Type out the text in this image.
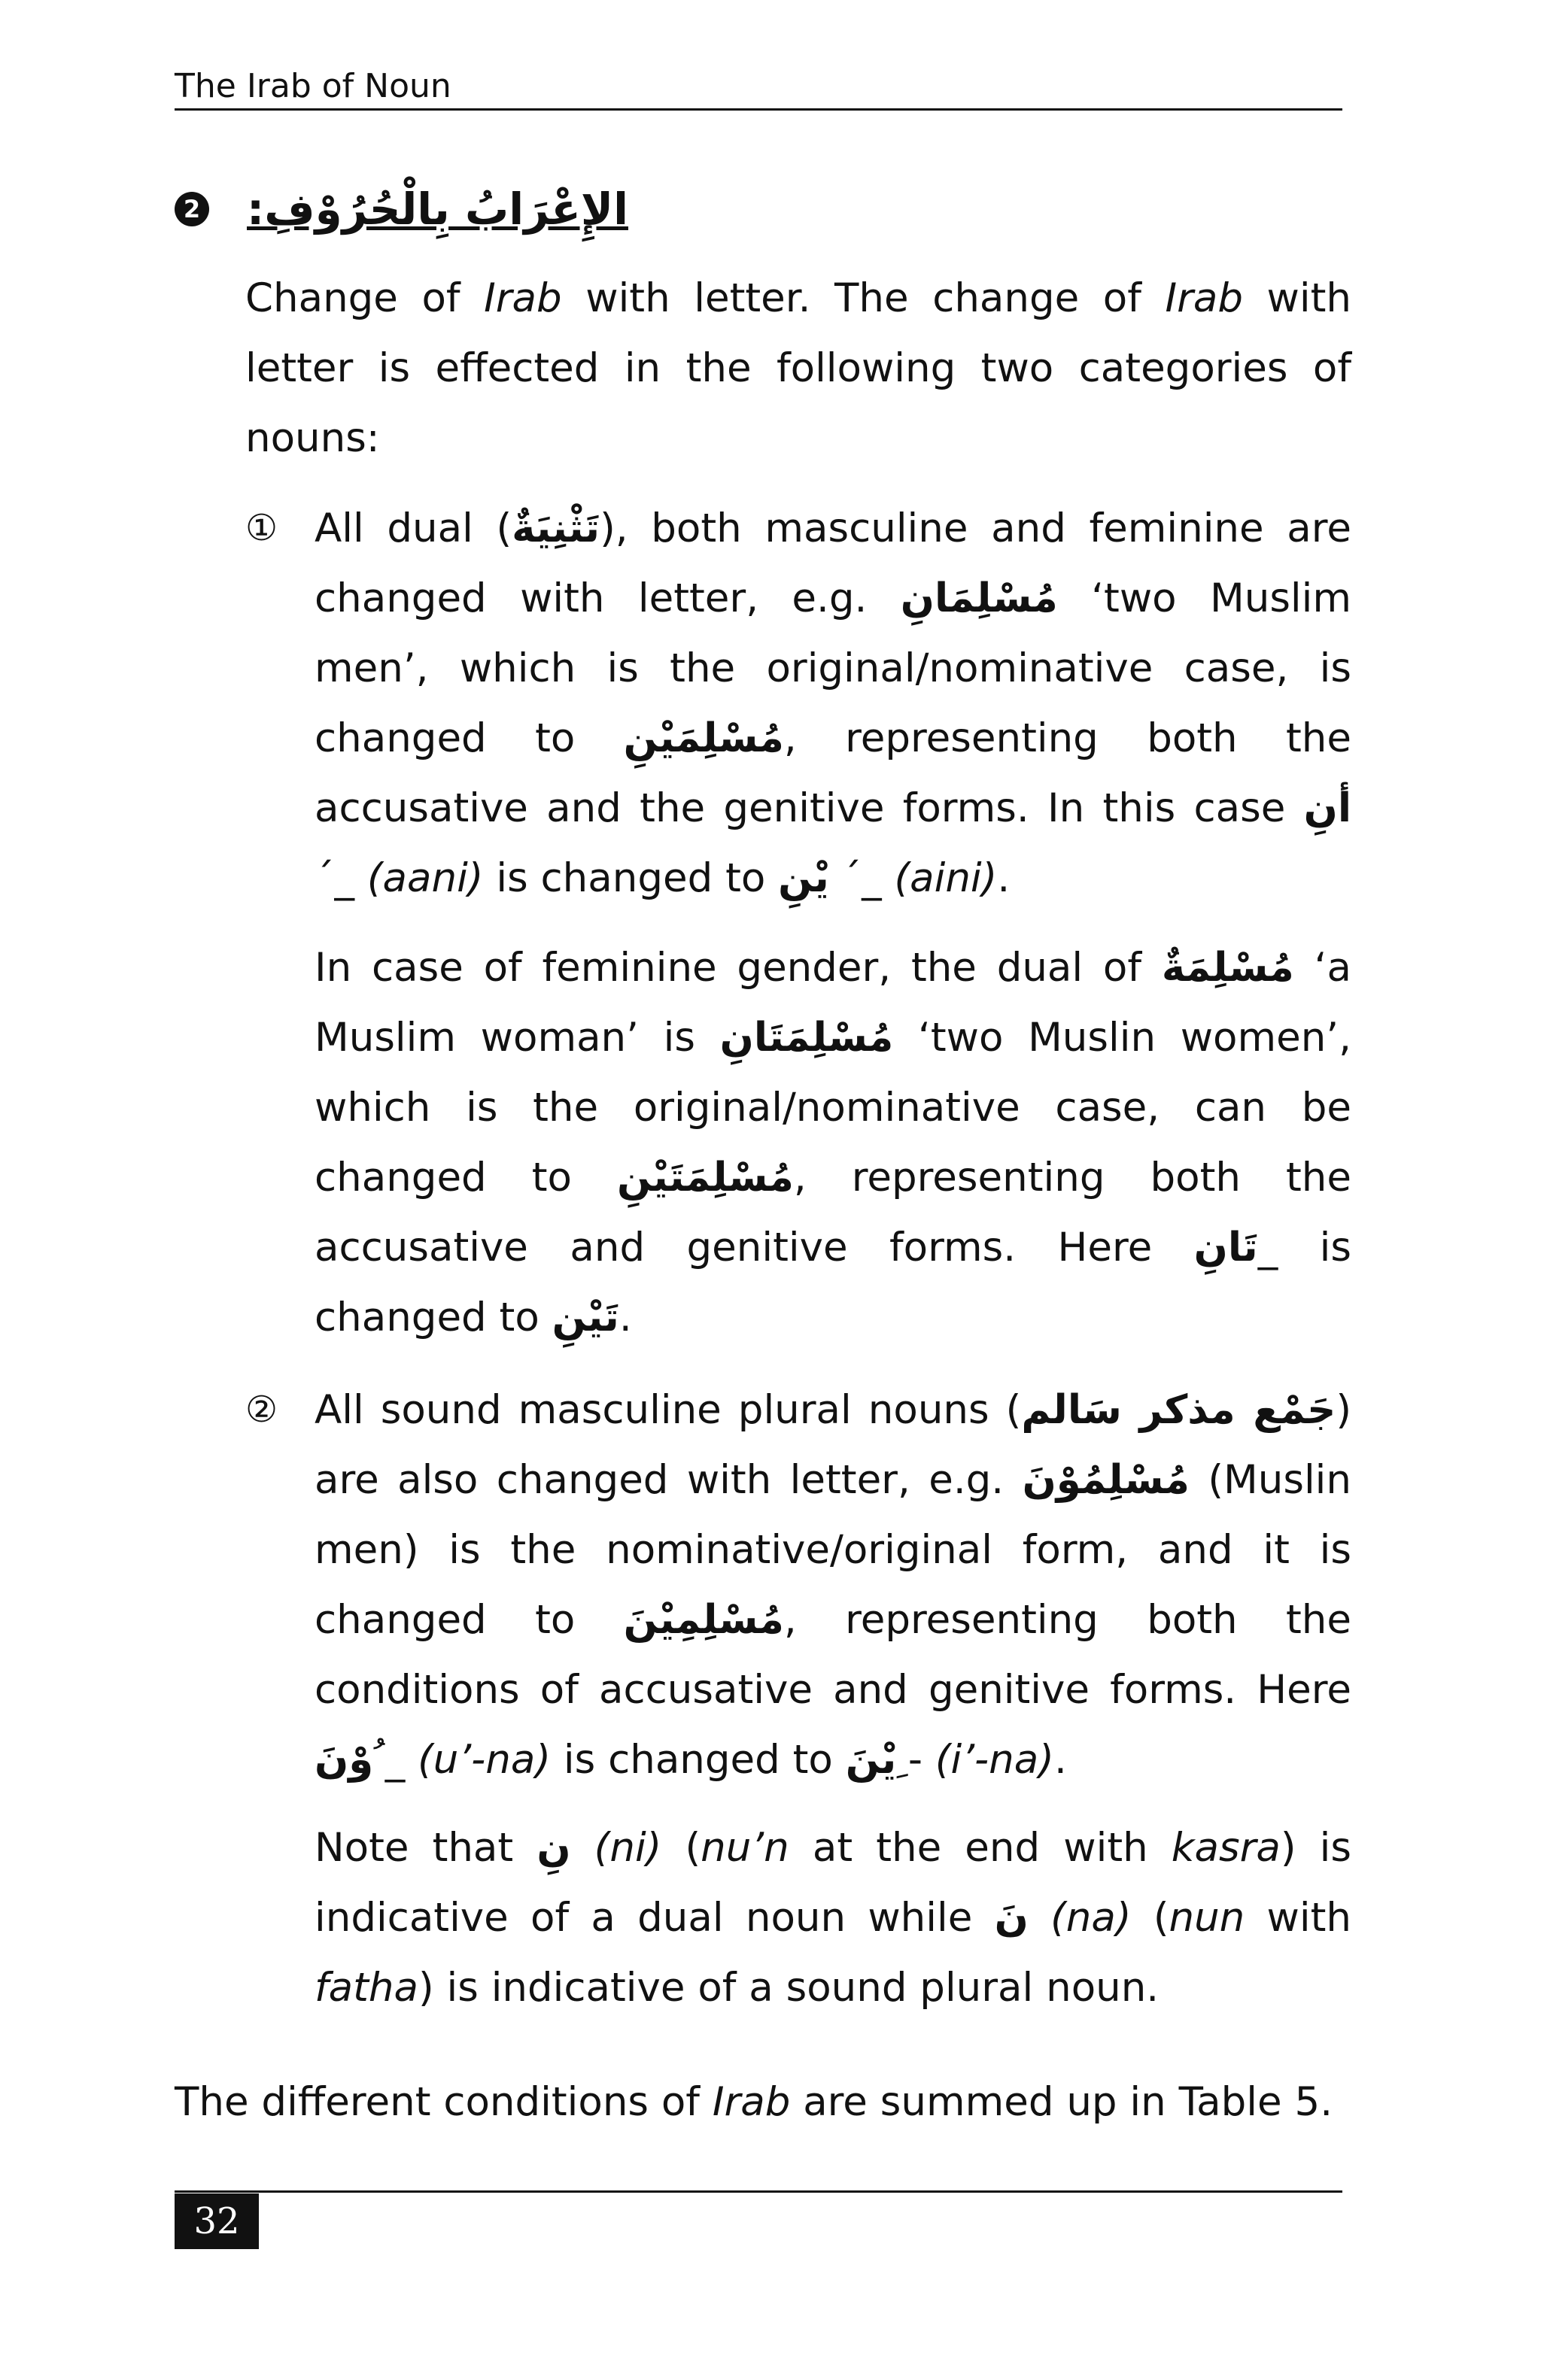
The Irab of Noun
2 الإِعْرَابُ بِالْحُرُوْفِ:

Change of Irab with letter. The change of Irab with letter is effected in the following two categories of nouns:

① All dual (تَثْنِيَةٌ), both masculine and feminine are changed with letter, e.g. مُسْلِمَانِ ‘two Muslim men’, which is the original/nominative case, is changed to مُسْلِمَيْنِ, representing both the accusative and the genitive forms. In this case أنِ ´_ (aani) is changed to يْنِ ´_ (aini).

In case of feminine gender, the dual of مُسْلِمَةٌ ‘a Muslim woman’ is مُسْلِمَتَانِ ‘two Muslin women’, which is the original/nominative case, can be changed to مُسْلِمَتَيْنِ, representing both the accusative and genitive forms. Here تَانِ_ is changed to تَيْنِ.

② All sound masculine plural nouns (جَمْع مذكر سَالم) are also changed with letter, e.g. مُسْلِمُوْنَ (Muslin men) is the nominative/original form, and it is changed to مُسْلِمِيْنَ, representing both the conditions of accusative and genitive forms. Here وْنَ ُ_ (u’-na) is changed to يْنَ ِ- (i’-na).

Note that نِ (ni) (nu’n at the end with kasra) is indicative of a dual noun while نَ (na) (nun with fatha) is indicative of a sound plural noun.

The different conditions of Irab are summed up in Table 5.

32
